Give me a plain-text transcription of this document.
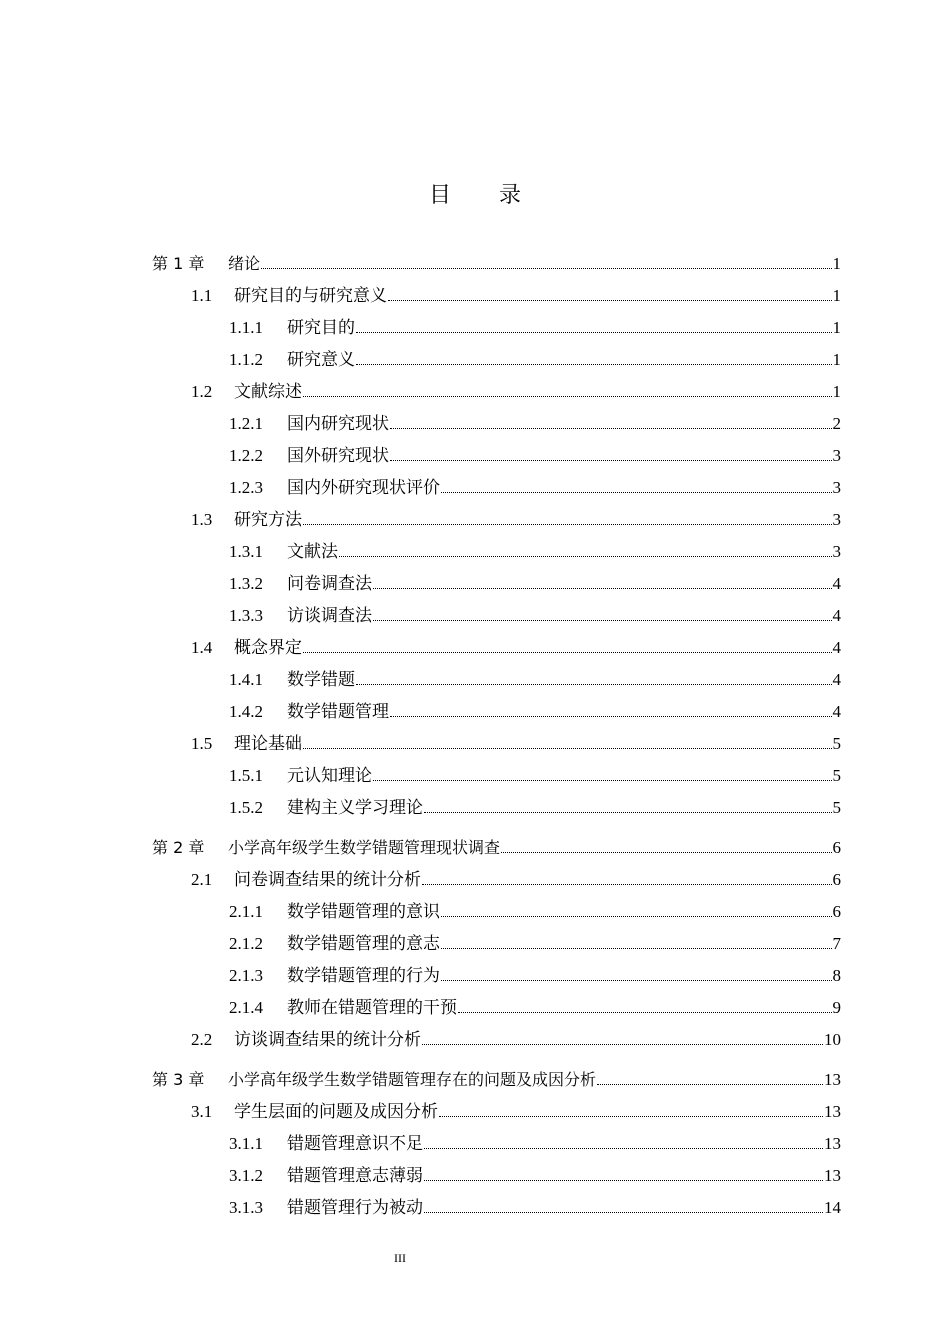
目 录
第 1 章	绪论	1
1.1	研究目的与研究意义	1
1.1.1	研究目的	1
1.1.2	研究意义	1
1.2	文献综述	1
1.2.1	国内研究现状	2
1.2.2	国外研究现状	3
1.2.3	国内外研究现状评价	3
1.3	研究方法	3
1.3.1	文献法	3
1.3.2	问卷调查法	4
1.3.3	访谈调查法	4
1.4	概念界定	4
1.4.1	数学错题	4
1.4.2	数学错题管理	4
1.5	理论基础	5
1.5.1	元认知理论	5
1.5.2	建构主义学习理论	5
第 2 章	小学高年级学生数学错题管理现状调查	6
2.1	问卷调查结果的统计分析	6
2.1.1	数学错题管理的意识	6
2.1.2	数学错题管理的意志	7
2.1.3	数学错题管理的行为	8
2.1.4	教师在错题管理的干预	9
2.2	访谈调查结果的统计分析	10
第 3 章	小学高年级学生数学错题管理存在的问题及成因分析	13
3.1	学生层面的问题及成因分析	13
3.1.1	错题管理意识不足	13
3.1.2	错题管理意志薄弱	13
3.1.3	错题管理行为被动	14
III
